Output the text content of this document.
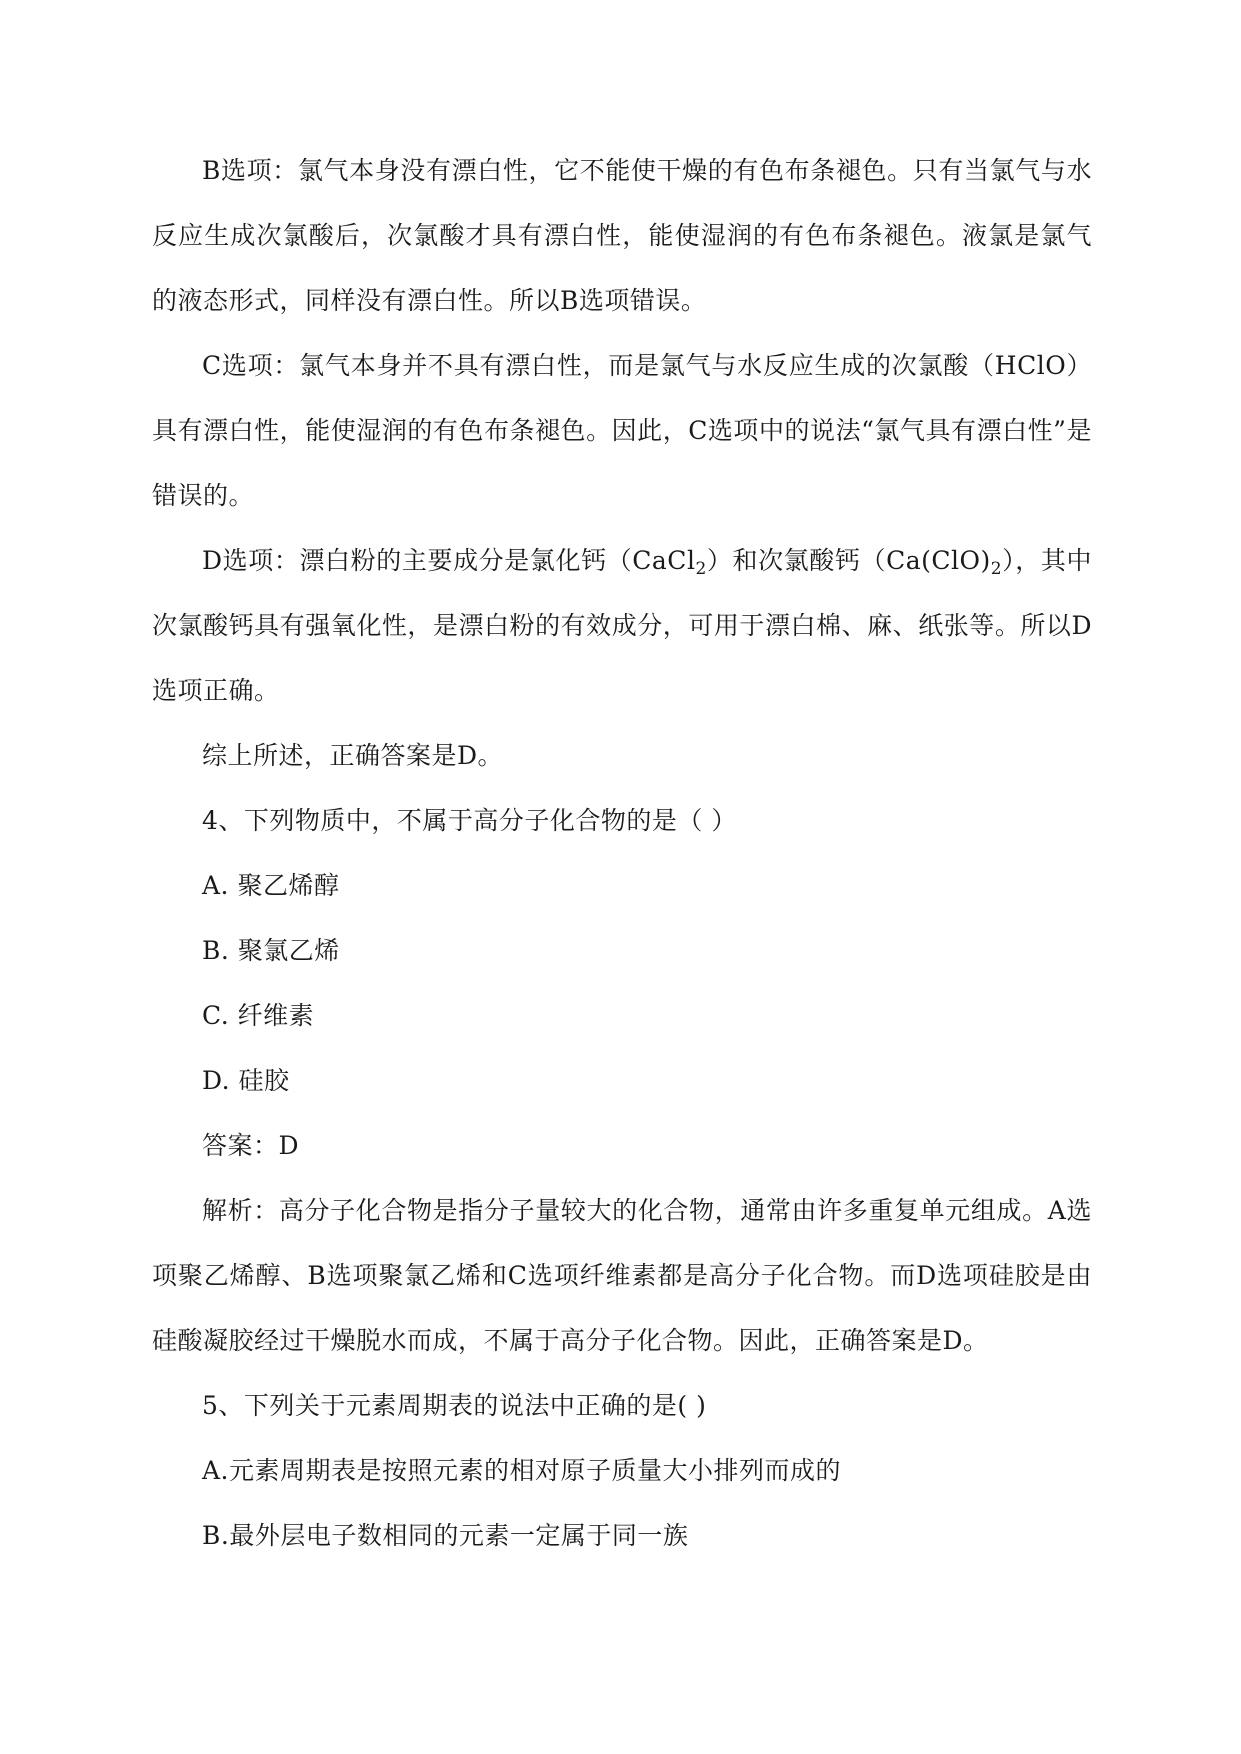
B选项：氯气本身没有漂白性，它不能使干燥的有色布条褪色。只有当氯气与水反应生成次氯酸后，次氯酸才具有漂白性，能使湿润的有色布条褪色。液氯是氯气的液态形式，同样没有漂白性。所以B选项错误。

C选项：氯气本身并不具有漂白性，而是氯气与水反应生成的次氯酸（HClO）具有漂白性，能使湿润的有色布条褪色。因此，C选项中的说法“氯气具有漂白性”是错误的。

D选项：漂白粉的主要成分是氯化钙（CaCl$_2$）和次氯酸钙$(Ca(ClO)_2)$，其中次氯酸钙具有强氧化性，是漂白粉的有效成分，可用于漂白棉、麻、纸张等。所以D选项正确。

综上所述，正确答案是D。

4、下列物质中，不属于高分子化合物的是（ ）

A. 聚乙烯醇

B. 聚氯乙烯

C. 纤维素

D. 硅胶

答案：D

解析：高分子化合物是指分子量较大的化合物，通常由许多重复单元组成。A选项聚乙烯醇、B选项聚氯乙烯和C选项纤维素都是高分子化合物。而D选项硅胶是由硅酸凝胶经过干燥脱水而成，不属于高分子化合物。因此，正确答案是D。

5、下列关于元素周期表的说法中正确的是( )

A.元素周期表是按照元素的相对原子质量大小排列而成的

B.最外层电子数相同的元素一定属于同一族
